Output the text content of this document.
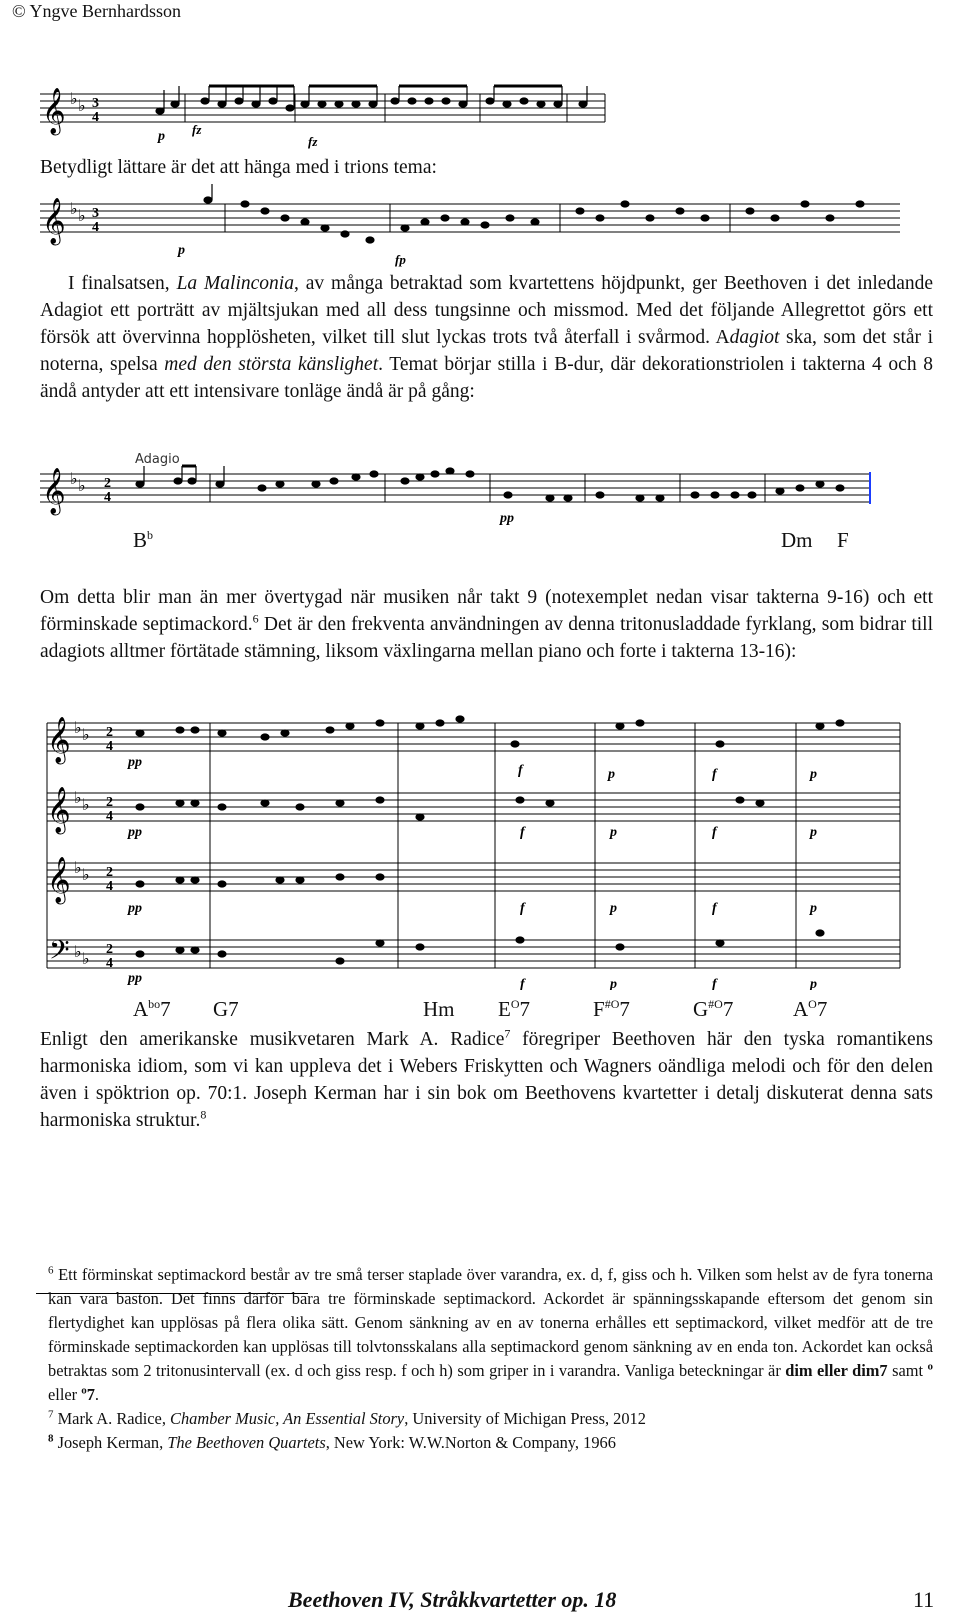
© Yngve Bernhardsson
𝄞 ♭ ♭ 3
4
p fz
fz

Betydligt lättare är det att hänga med i trions tema:

𝄞 ♭ ♭ 3
4
p
fp

I finalsatsen, La Malinconia, av många betraktad som kvartettens höjdpunkt, ger Beethoven i det inledande Adagiot ett porträtt av mjältsjukan med all dess tungsinne och missmod. Med det följande Allegrettot görs ett försök att övervinna hopplösheten, vilket till slut lyckas trots två återfall i svårmod. Adagiot ska, som det står i noterna, spelsa med den största känslighet. Temat börjar stilla i B-dur, där dekorationstriolen i takterna 4 och 8 ändå antyder att ett intensivare tonläge ändå är på gång:

Adagio
𝄞 ♭ ♭ 2
4
pp
$B^b$	Dm F

Om detta blir man än mer övertygad när musiken når takt 9 (notexemplet nedan visar takterna 9-16) och ett förminskade septimackord.$^6$ Det är den frekventa användningen av denna tritonusladdade fyrklang, som bidrar till adagiots alltmer förtätade stämning, liksom växlingarna mellan piano och forte i takterna 13-16):

𝄞
𝄞
𝄞
𝄢
♭ ♭
♭ ♭
♭ ♭
♭ ♭
2
4
2
4
2
4
2
4
pp
pp
pp
pp
f
f
f
f
p
p
p
p
f
f
f
f
p
p
p
p
$A^{bo}7$ G7	Hm $E^O7$	$F^{\#O}7$	$G^{\#O}7$	$A^O7$

Enligt den amerikanske musikvetaren Mark A. Radice$^7$ föregriper Beethoven här den tyska romantikens harmoniska idiom, som vi kan uppleva det i Webers Friskytten och Wagners oändliga melodi och för den delen även i spöktrion op. 70:1. Joseph Kerman har i sin bok om Beethovens kvartetter i detalj diskuterat denna sats harmoniska struktur.$^8$

$^6$ Ett förminskat septimackord består av tre små terser staplade över varandra, ex. d, f, giss och h. Vilken som helst av de fyra tonerna kan vara baston. Det finns därför bara tre förminskade septimackord. Ackordet är spänningsskapande eftersom det genom sin flertydighet kan upplösas på flera olika sätt. Genom sänkning av en av tonerna erhålles ett septimackord, vilket medför att de tre förminskade septimackorden kan upplösas till tolvtonsskalans alla septimackord genom sänkning av en enda ton. Ackordet kan också betraktas som 2 tritonusintervall (ex. d och giss resp. f och h) som griper in i varandra. Vanliga beteckningar är dim eller dim7 samt $^o$ eller $^o$7.

$^7$ Mark A. Radice, Chamber Music, An Essential Story, University of Michigan Press, 2012

$^8$ Joseph Kerman, The Beethoven Quartets, New York: W.W.Norton & Company, 1966

Beethoven IV, Stråkkvartetter op. 18	11
